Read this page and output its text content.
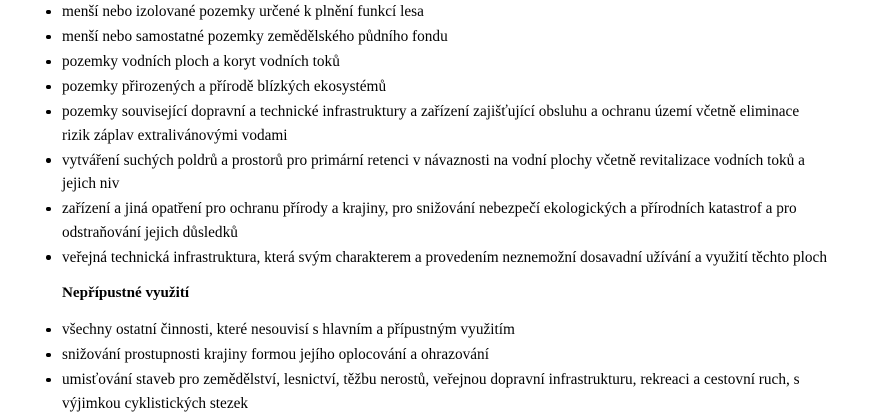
menší nebo izolované pozemky určené k plnění funkcí lesa
menší nebo samostatné pozemky zemědělského půdního fondu
pozemky vodních ploch a koryt vodních toků
pozemky přirozených a přírodě blízkých ekosystémů
pozemky související dopravní a technické infrastruktury a zařízení zajišťující obsluhu a ochranu území včetně eliminace rizik záplav extralivánovými vodami
vytváření suchých poldrů a prostorů pro primární retenci v návaznosti na vodní plochy včetně revitalizace vodních toků a jejich niv
zařízení a jiná opatření pro ochranu přírody a krajiny, pro snižování nebezpečí ekologických a přírodních katastrof a pro odstraňování jejich důsledků
veřejná technická infrastruktura, která svým charakterem a provedením neznemožní dosavadní užívání a využití těchto ploch
Nepřípustné využití
všechny ostatní činnosti, které nesouvisí s hlavním a přípustným využitím
snižování prostupnosti krajiny formou jejího oplocování a ohrazování
umisťování staveb pro zemědělství, lesnictví, těžbu nerostů, veřejnou dopravní infrastrukturu, rekreaci a cestovní ruch, s výjimkou cyklistických stezek
